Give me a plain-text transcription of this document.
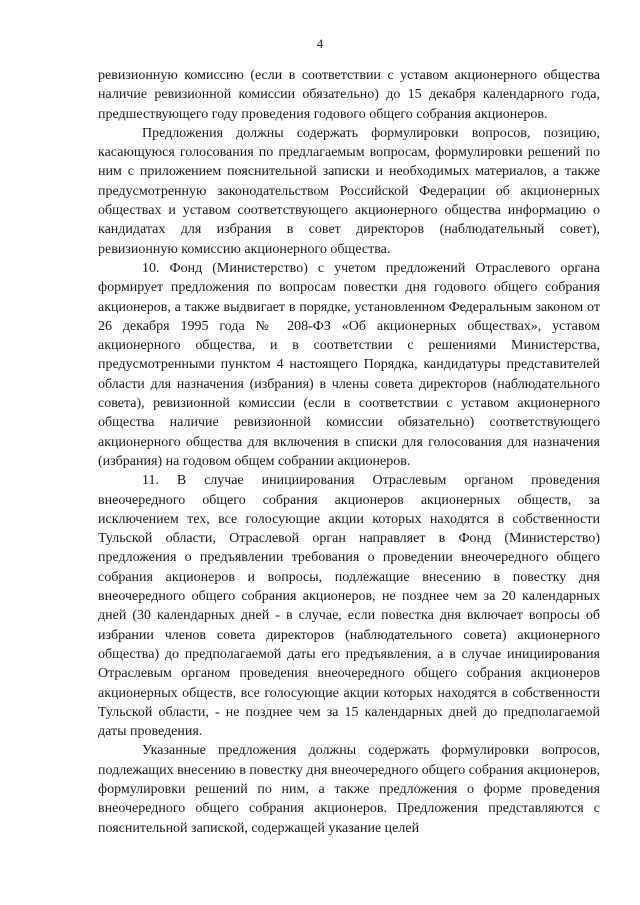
4

ревизионную комиссию (если в соответствии с уставом акционерного общества наличие ревизионной комиссии обязательно) до 15 декабря календарного года, предшествующего году проведения годового общего собрания акционеров.

Предложения должны содержать формулировки вопросов, позицию, касающуюся голосования по предлагаемым вопросам, формулировки решений по ним с приложением пояснительной записки и необходимых материалов, а также предусмотренную законодательством Российской Федерации об акционерных обществах и уставом соответствующего акционерного общества информацию о кандидатах для избрания в совет директоров (наблюдательный совет), ревизионную комиссию акционерного общества.

10. Фонд (Министерство) с учетом предложений Отраслевого органа формирует предложения по вопросам повестки дня годового общего собрания акционеров, а также выдвигает в порядке, установленном Федеральным законом от 26 декабря 1995 года № 208-ФЗ «Об акционерных обществах», уставом акционерного общества, и в соответствии с решениями Министерства, предусмотренными пунктом 4 настоящего Порядка, кандидатуры представителей области для назначения (избрания) в члены совета директоров (наблюдательного совета), ревизионной комиссии (если в соответствии с уставом акционерного общества наличие ревизионной комиссии обязательно) соответствующего акционерного общества для включения в списки для голосования для назначения (избрания) на годовом общем собрании акционеров.

11. В случае инициирования Отраслевым органом проведения внеочередного общего собрания акционеров акционерных обществ, за исключением тех, все голосующие акции которых находятся в собственности Тульской области, Отраслевой орган направляет в Фонд (Министерство) предложения о предъявлении требования о проведении внеочередного общего собрания акционеров и вопросы, подлежащие внесению в повестку дня внеочередного общего собрания акционеров, не позднее чем за 20 календарных дней (30 календарных дней - в случае, если повестка дня включает вопросы об избрании членов совета директоров (наблюдательного совета) акционерного общества) до предполагаемой даты его предъявления, а в случае инициирования Отраслевым органом проведения внеочередного общего собрания акционеров акционерных обществ, все голосующие акции которых находятся в собственности Тульской области, - не позднее чем за 15 календарных дней до предполагаемой даты проведения.

Указанные предложения должны содержать формулировки вопросов, подлежащих внесению в повестку дня внеочередного общего собрания акционеров, формулировки решений по ним, а также предложения о форме проведения внеочередного общего собрания акционеров. Предложения представляются с пояснительной запиской, содержащей указание целей
